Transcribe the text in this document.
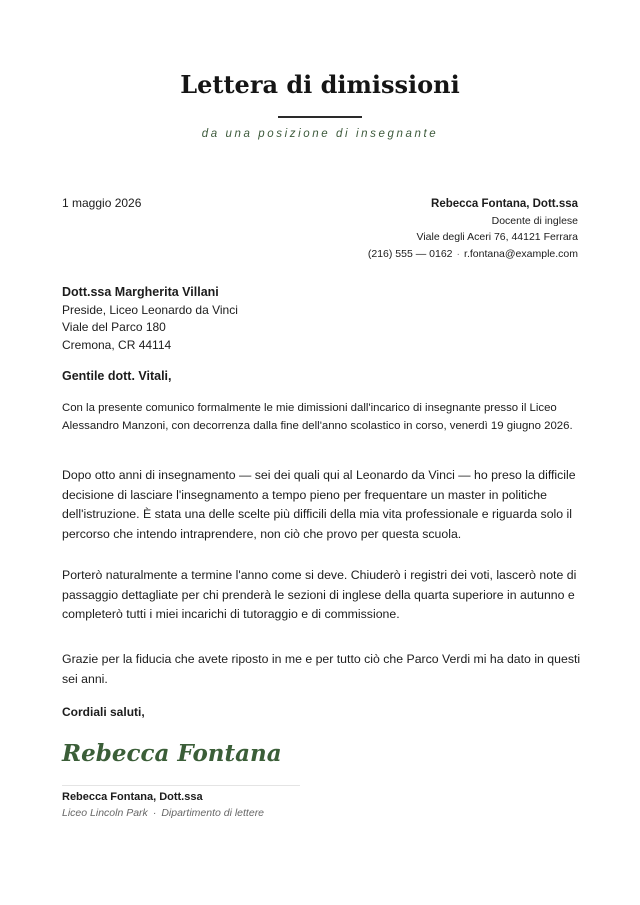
Lettera di dimissioni
da una posizione di insegnante
1 maggio 2026	Rebecca Fontana, Dott.ssa
Docente di inglese
Viale degli Aceri 76, 44121 Ferrara
(216) 555 — 0162 · r.fontana@example.com
Dott.ssa Margherita Villani
Preside, Liceo Leonardo da Vinci
Viale del Parco 180
Cremona, CR 44114
Gentile dott. Vitali,
Con la presente comunico formalmente le mie dimissioni dall'incarico di insegnante presso il Liceo Alessandro Manzoni, con decorrenza dalla fine dell'anno scolastico in corso, venerdì 19 giugno 2026.
Dopo otto anni di insegnamento — sei dei quali qui al Leonardo da Vinci — ho preso la difficile decisione di lasciare l'insegnamento a tempo pieno per frequentare un master in politiche dell'istruzione. È stata una delle scelte più difficili della mia vita professionale e riguarda solo il percorso che intendo intraprendere, non ciò che provo per questa scuola.
Porterò naturalmente a termine l'anno come si deve. Chiuderò i registri dei voti, lascerò note di passaggio dettagliate per chi prenderà le sezioni di inglese della quarta superiore in autunno e completerò tutti i miei incarichi di tutoraggio e di commissione.
Grazie per la fiducia che avete riposto in me e per tutto ciò che Parco Verdi mi ha dato in questi sei anni.
Cordiali saluti,
Rebecca Fontana
Rebecca Fontana, Dott.ssa
Liceo Lincoln Park · Dipartimento di lettere
